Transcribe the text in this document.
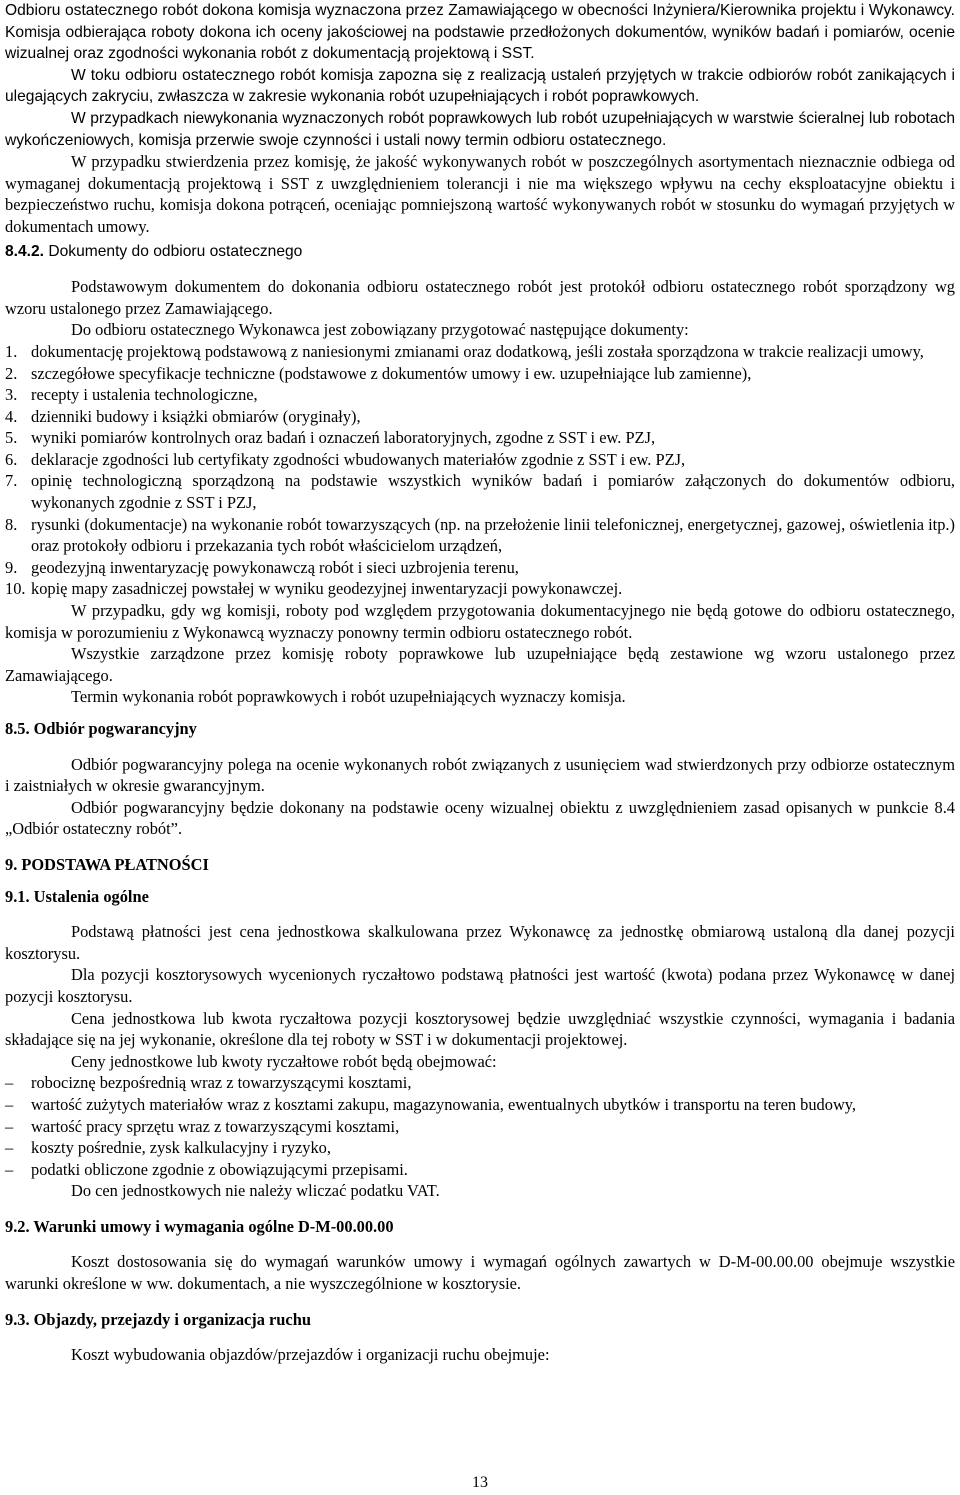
Odbioru ostatecznego robót dokona komisja wyznaczona przez Zamawiającego w obecności Inżyniera/Kierownika projektu i Wykonawcy. Komisja odbierająca roboty dokona ich oceny jakościowej na podstawie przedłożonych dokumentów, wyników badań i pomiarów, ocenie wizualnej oraz zgodności wykonania robót z dokumentacją projektową i SST.

W toku odbioru ostatecznego robót komisja zapozna się z realizacją ustaleń przyjętych w trakcie odbiorów robót zanikających i ulegających zakryciu, zwłaszcza w zakresie wykonania robót uzupełniających i robót poprawkowych.

W przypadkach niewykonania wyznaczonych robót poprawkowych lub robót uzupełniających w warstwie ścieralnej lub robotach wykończeniowych, komisja przerwie swoje czynności i ustali nowy termin odbioru ostatecznego.

W przypadku stwierdzenia przez komisję, że jakość wykonywanych robót w poszczególnych asortymentach nieznacznie odbiega od wymaganej dokumentacją projektową i SST z uwzględnieniem tolerancji i nie ma większego wpływu na cechy eksploatacyjne obiektu i bezpieczeństwo ruchu, komisja dokona potrąceń, oceniając pomniejszoną wartość wykonywanych robót w stosunku do wymagań przyjętych w dokumentach umowy.

8.4.2. Dokumenty do odbioru ostatecznego

Podstawowym dokumentem do dokonania odbioru ostatecznego robót jest protokół odbioru ostatecznego robót sporządzony wg wzoru ustalonego przez Zamawiającego.

Do odbioru ostatecznego Wykonawca jest zobowiązany przygotować następujące dokumenty:

1. dokumentację projektową podstawową z naniesionymi zmianami oraz dodatkową, jeśli została sporządzona w trakcie realizacji umowy,
2. szczegółowe specyfikacje techniczne (podstawowe z dokumentów umowy i ew. uzupełniające lub zamienne),
3. recepty i ustalenia technologiczne,
4. dzienniki budowy i książki obmiarów (oryginały),
5. wyniki pomiarów kontrolnych oraz badań i oznaczeń laboratoryjnych, zgodne z SST i ew. PZJ,
6. deklaracje zgodności lub certyfikaty zgodności wbudowanych materiałów zgodnie z SST i ew. PZJ,
7. opinię technologiczną sporządzoną na podstawie wszystkich wyników badań i pomiarów załączonych do dokumentów odbioru, wykonanych zgodnie z SST i PZJ,
8. rysunki (dokumentacje) na wykonanie robót towarzyszących (np. na przełożenie linii telefonicznej, energetycznej, gazowej, oświetlenia itp.) oraz protokoły odbioru i przekazania tych robót właścicielom urządzeń,
9. geodezyjną inwentaryzację powykonawczą robót i sieci uzbrojenia terenu,
10. kopię mapy zasadniczej powstałej w wyniku geodezyjnej inwentaryzacji powykonawczej.

W przypadku, gdy wg komisji, roboty pod względem przygotowania dokumentacyjnego nie będą gotowe do odbioru ostatecznego, komisja w porozumieniu z Wykonawcą wyznaczy ponowny termin odbioru ostatecznego robót.

Wszystkie zarządzone przez komisję roboty poprawkowe lub uzupełniające będą zestawione wg wzoru ustalonego przez Zamawiającego.

Termin wykonania robót poprawkowych i robót uzupełniających wyznaczy komisja.

8.5. Odbiór pogwarancyjny

Odbiór pogwarancyjny polega na ocenie wykonanych robót związanych z usunięciem wad stwierdzonych przy odbiorze ostatecznym i zaistniałych w okresie gwarancyjnym.

Odbiór pogwarancyjny będzie dokonany na podstawie oceny wizualnej obiektu z uwzględnieniem zasad opisanych w punkcie 8.4 „Odbiór ostateczny robót”.

9. PODSTAWA PŁATNOŚCI

9.1. Ustalenia ogólne

Podstawą płatności jest cena jednostkowa skalkulowana przez Wykonawcę za jednostkę obmiarową ustaloną dla danej pozycji kosztorysu.

Dla pozycji kosztorysowych wycenionych ryczałtowo podstawą płatności jest wartość (kwota) podana przez Wykonawcę w danej pozycji kosztorysu.

Cena jednostkowa lub kwota ryczałtowa pozycji kosztorysowej będzie uwzględniać wszystkie czynności, wymagania i badania składające się na jej wykonanie, określone dla tej roboty w SST i w dokumentacji projektowej.

Ceny jednostkowe lub kwoty ryczałtowe robót będą obejmować:

–	robociznę bezpośrednią wraz z towarzyszącymi kosztami,
–	wartość zużytych materiałów wraz z kosztami zakupu, magazynowania, ewentualnych ubytków i transportu na teren budowy,
–	wartość pracy sprzętu wraz z towarzyszącymi kosztami,
–	koszty pośrednie, zysk kalkulacyjny i ryzyko,
–	podatki obliczone zgodnie z obowiązującymi przepisami.

Do cen jednostkowych nie należy wliczać podatku VAT.

9.2. Warunki umowy i wymagania ogólne D-M-00.00.00

Koszt dostosowania się do wymagań warunków umowy i wymagań ogólnych zawartych w D-M-00.00.00 obejmuje wszystkie warunki określone w ww. dokumentach, a nie wyszczególnione w kosztorysie.

9.3. Objazdy, przejazdy i organizacja ruchu

Koszt wybudowania objazdów/przejazdów i organizacji ruchu obejmuje:

13
